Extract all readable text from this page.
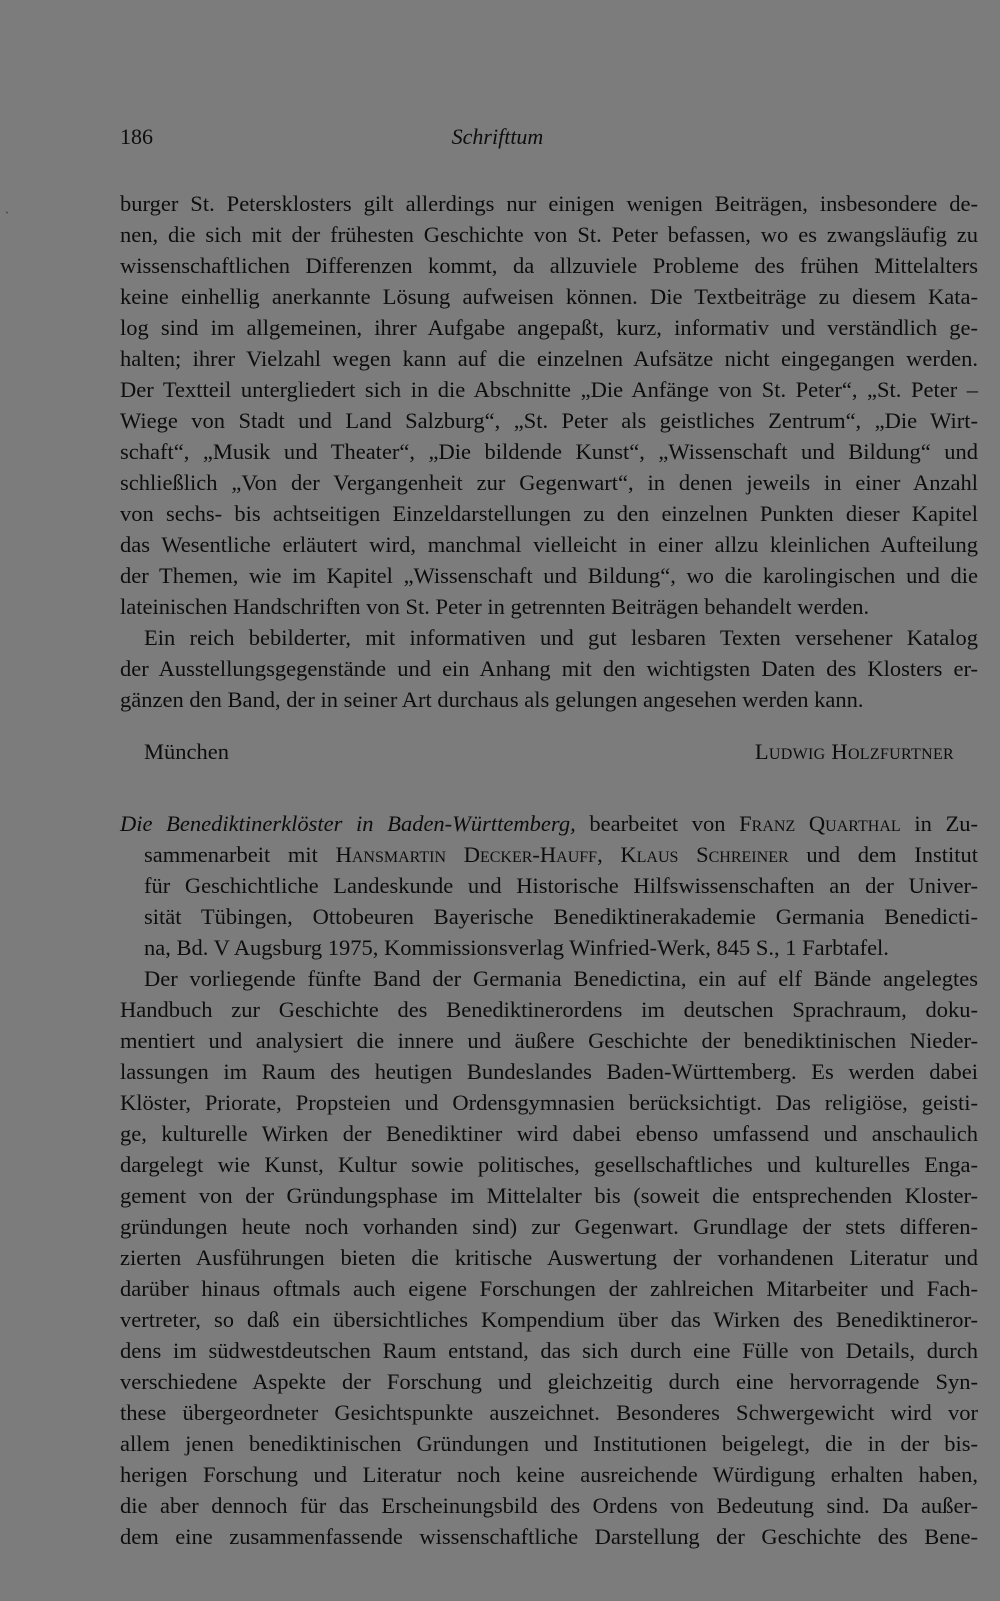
ˎ
186	Schrifttum
burger St. Petersklosters gilt allerdings nur einigen wenigen Beiträgen, insbesondere de-
nen, die sich mit der frühesten Geschichte von St. Peter befassen, wo es zwangsläufig zu
wissenschaftlichen Differenzen kommt, da allzuviele Probleme des frühen Mittelalters
keine einhellig anerkannte Lösung aufweisen können. Die Textbeiträge zu diesem Kata-
log sind im allgemeinen, ihrer Aufgabe angepaßt, kurz, informativ und verständlich ge-
halten; ihrer Vielzahl wegen kann auf die einzelnen Aufsätze nicht eingegangen werden.
Der Textteil untergliedert sich in die Abschnitte „Die Anfänge von St. Peter“, „St. Peter –
Wiege von Stadt und Land Salzburg“, „St. Peter als geistliches Zentrum“, „Die Wirt-
schaft“, „Musik und Theater“, „Die bildende Kunst“, „Wissenschaft und Bildung“ und
schließlich „Von der Vergangenheit zur Gegenwart“, in denen jeweils in einer Anzahl
von sechs- bis achtseitigen Einzeldarstellungen zu den einzelnen Punkten dieser Kapitel
das Wesentliche erläutert wird, manchmal vielleicht in einer allzu kleinlichen Aufteilung
der Themen, wie im Kapitel „Wissenschaft und Bildung“, wo die karolingischen und die
lateinischen Handschriften von St. Peter in getrennten Beiträgen behandelt werden.
Ein reich bebilderter, mit informativen und gut lesbaren Texten versehener Katalog
der Ausstellungsgegenstände und ein Anhang mit den wichtigsten Daten des Klosters er-
gänzen den Band, der in seiner Art durchaus als gelungen angesehen werden kann.
München	Ludwig Holzfurtner
Die Benediktinerklöster in Baden-Württemberg, bearbeitet von Franz Quarthal in Zu-
sammenarbeit mit Hansmartin Decker-Hauff, Klaus Schreiner und dem Institut
für Geschichtliche Landeskunde und Historische Hilfswissenschaften an der Univer-
sität Tübingen, Ottobeuren Bayerische Benediktinerakademie Germania Benedicti-
na, Bd. V Augsburg 1975, Kommissionsverlag Winfried-Werk, 845 S., 1 Farbtafel.
Der vorliegende fünfte Band der Germania Benedictina, ein auf elf Bände angelegtes
Handbuch zur Geschichte des Benediktinerordens im deutschen Sprachraum, doku-
mentiert und analysiert die innere und äußere Geschichte der benediktinischen Nieder-
lassungen im Raum des heutigen Bundeslandes Baden-Württemberg. Es werden dabei
Klöster, Priorate, Propsteien und Ordensgymnasien berücksichtigt. Das religiöse, geisti-
ge, kulturelle Wirken der Benediktiner wird dabei ebenso umfassend und anschaulich
dargelegt wie Kunst, Kultur sowie politisches, gesellschaftliches und kulturelles Enga-
gement von der Gründungsphase im Mittelalter bis (soweit die entsprechenden Kloster-
gründungen heute noch vorhanden sind) zur Gegenwart. Grundlage der stets differen-
zierten Ausführungen bieten die kritische Auswertung der vorhandenen Literatur und
darüber hinaus oftmals auch eigene Forschungen der zahlreichen Mitarbeiter und Fach-
vertreter, so daß ein übersichtliches Kompendium über das Wirken des Benediktineror-
dens im südwestdeutschen Raum entstand, das sich durch eine Fülle von Details, durch
verschiedene Aspekte der Forschung und gleichzeitig durch eine hervorragende Syn-
these übergeordneter Gesichtspunkte auszeichnet. Besonderes Schwergewicht wird vor
allem jenen benediktinischen Gründungen und Institutionen beigelegt, die in der bis-
herigen Forschung und Literatur noch keine ausreichende Würdigung erhalten haben,
die aber dennoch für das Erscheinungsbild des Ordens von Bedeutung sind. Da außer-
dem eine zusammenfassende wissenschaftliche Darstellung der Geschichte des Bene-
